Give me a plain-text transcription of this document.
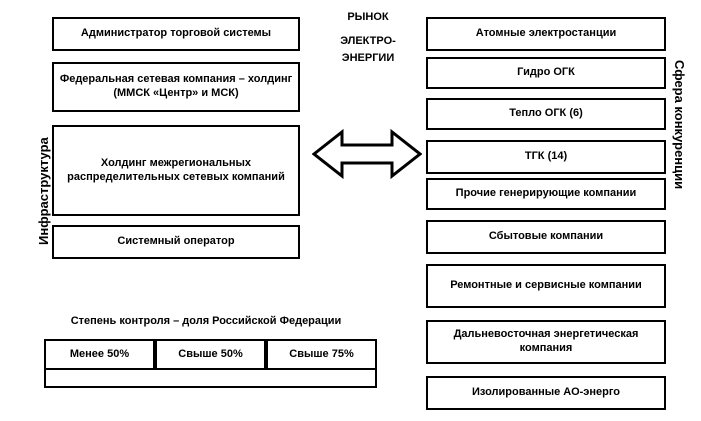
Инфраструктура
Администратор торговой системы
Федеральная сетевая компания – холдинг (ММСК «Центр» и МСК)
Холдинг межрегиональных распределительных сетевых компаний
Системный оператор
РЫНОК
ЭЛЕКТРО-
ЭНЕРГИИ
Сфера конкуренции
Атомные электростанции
Гидро ОГК
Тепло ОГК (6)
ТГК (14)
Прочие генерирующие компании
Сбытовые компании
Ремонтные и сервисные компании
Дальневосточная энергетическая компания
Изолированные АО-энерго
Степень контроля – доля Российской Федерации
Менее 50%	Свыше 50%	Свыше 75%
